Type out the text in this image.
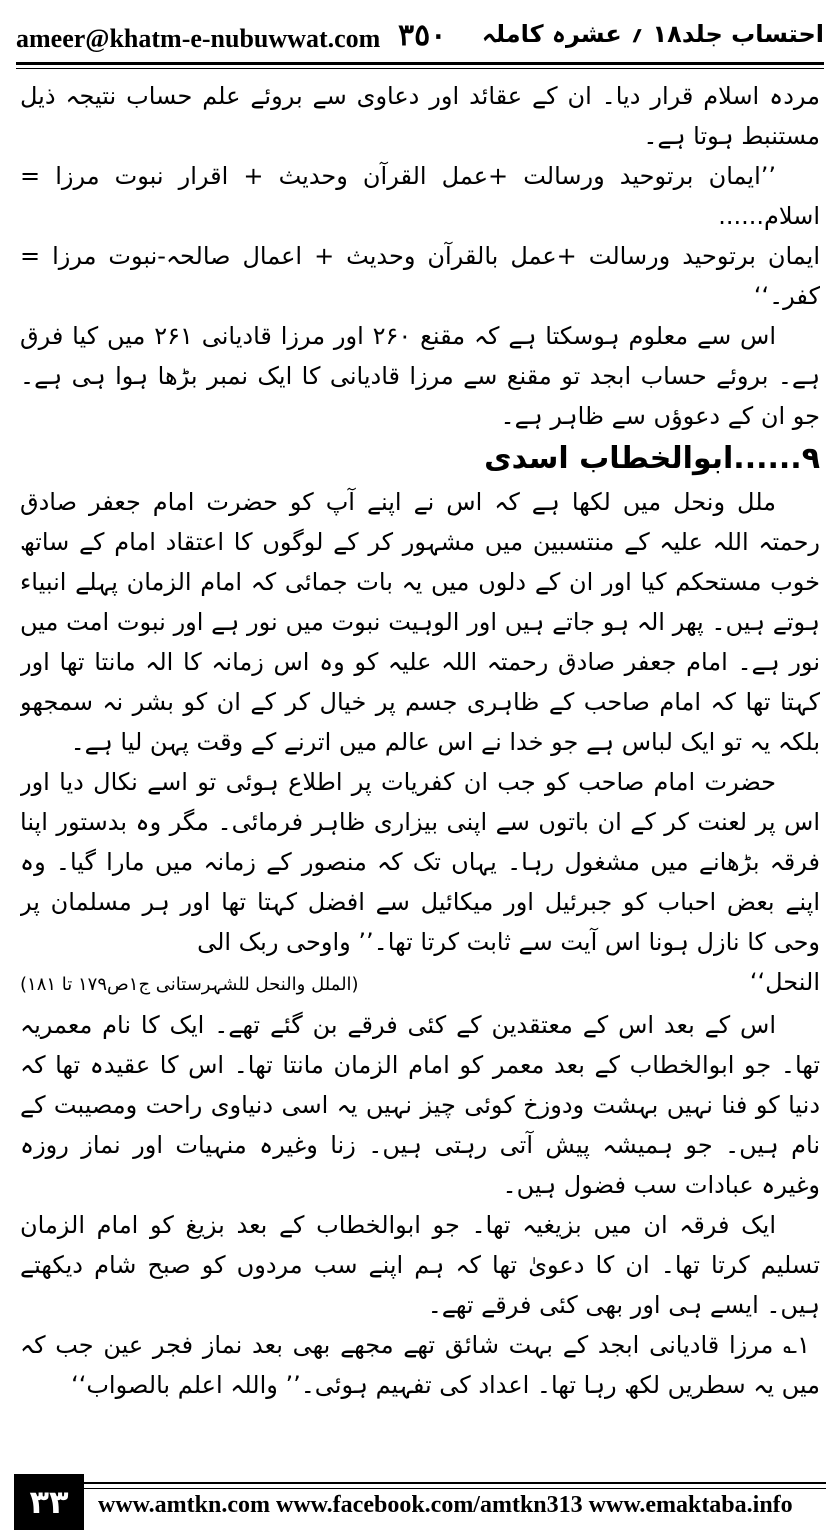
ameer@khatm-e-nubuwwat.com ٣٥٠ احتساب جلد۱۸ ؍ عشرہ کاملہ

مردہ اسلام قرار دیا۔ ان کے عقائد اور دعاوی سے بروئے علم حساب نتیجہ ذیل مستنبط ہوتا ہے۔

’’ایمان برتوحید ورسالت +عمل القرآن وحدیث + اقرار نبوت مرزا = اسلام......

ایمان برتوحید ورسالت +عمل بالقرآن وحدیث + اعمال صالحہ-نبوت مرزا = کفر۔‘‘

اس سے معلوم ہوسکتا ہے کہ مقنع ۲۶۰ اور مرزا قادیانی ۲۶۱ میں کیا فرق ہے۔ بروئے حساب ابجد تو مقنع سے مرزا قادیانی کا ایک نمبر بڑھا ہوا ہی ہے۔ جو ان کے دعوؤں سے ظاہر ہے۔

۹......ابوالخطاب اسدی

ملل ونحل میں لکھا ہے کہ اس نے اپنے آپ کو حضرت امام جعفر صادق رحمتہ اللہ علیہ کے منتسبین میں مشہور کر کے لوگوں کا اعتقاد امام کے ساتھ خوب مستحکم کیا اور ان کے دلوں میں یہ بات جمائی کہ امام الزمان پہلے انبیاء ہوتے ہیں۔ پھر الہ ہو جاتے ہیں اور الوہیت نبوت میں نور ہے اور نبوت امت میں نور ہے۔ امام جعفر صادق رحمتہ اللہ علیہ کو وہ اس زمانہ کا الہ مانتا تھا اور کہتا تھا کہ امام صاحب کے ظاہری جسم پر خیال کر کے ان کو بشر نہ سمجھو بلکہ یہ تو ایک لباس ہے جو خدا نے اس عالم میں اترنے کے وقت پہن لیا ہے۔

حضرت امام صاحب کو جب ان کفریات پر اطلاع ہوئی تو اسے نکال دیا اور اس پر لعنت کر کے ان باتوں سے اپنی بیزاری ظاہر فرمائی۔ مگر وہ بدستور اپنا فرقہ بڑھانے میں مشغول رہا۔ یہاں تک کہ منصور کے زمانہ میں مارا گیا۔ وہ اپنے بعض احباب کو جبرئیل اور میکائیل سے افضل کہتا تھا اور ہر مسلمان پر وحی کا نازل ہونا اس آیت سے ثابت کرتا تھا۔’’ واوحی ربک الی

النحل‘‘
(الملل والنحل للشہرستانی ج۱ص۱۷۹ تا ۱۸۱)

اس کے بعد اس کے معتقدین کے کئی فرقے بن گئے تھے۔ ایک کا نام معمریہ تھا۔ جو ابوالخطاب کے بعد معمر کو امام الزمان مانتا تھا۔ اس کا عقیدہ تھا کہ دنیا کو فنا نہیں بہشت ودوزخ کوئی چیز نہیں یہ اسی دنیاوی راحت ومصیبت کے نام ہیں۔ جو ہمیشہ پیش آتی رہتی ہیں۔ زنا وغیرہ منہیات اور نماز روزہ وغیرہ عبادات سب فضول ہیں۔

ایک فرقہ ان میں بزیغیہ تھا۔ جو ابوالخطاب کے بعد بزیغ کو امام الزمان تسلیم کرتا تھا۔ ان کا دعویٰ تھا کہ ہم اپنے سب مردوں کو صبح شام دیکھتے ہیں۔ ایسے ہی اور بھی کئی فرقے تھے۔

۱؎ مرزا قادیانی ابجد کے بہت شائق تھے مجھے بھی بعد نماز فجر عین جب کہ میں یہ سطریں لکھ رہا تھا۔ اعداد کی تفہیم ہوئی۔’’ واللہ اعلم بالصواب‘‘

٣٣	www.amtkn.com www.facebook.com/amtkn313 www.emaktaba.info
